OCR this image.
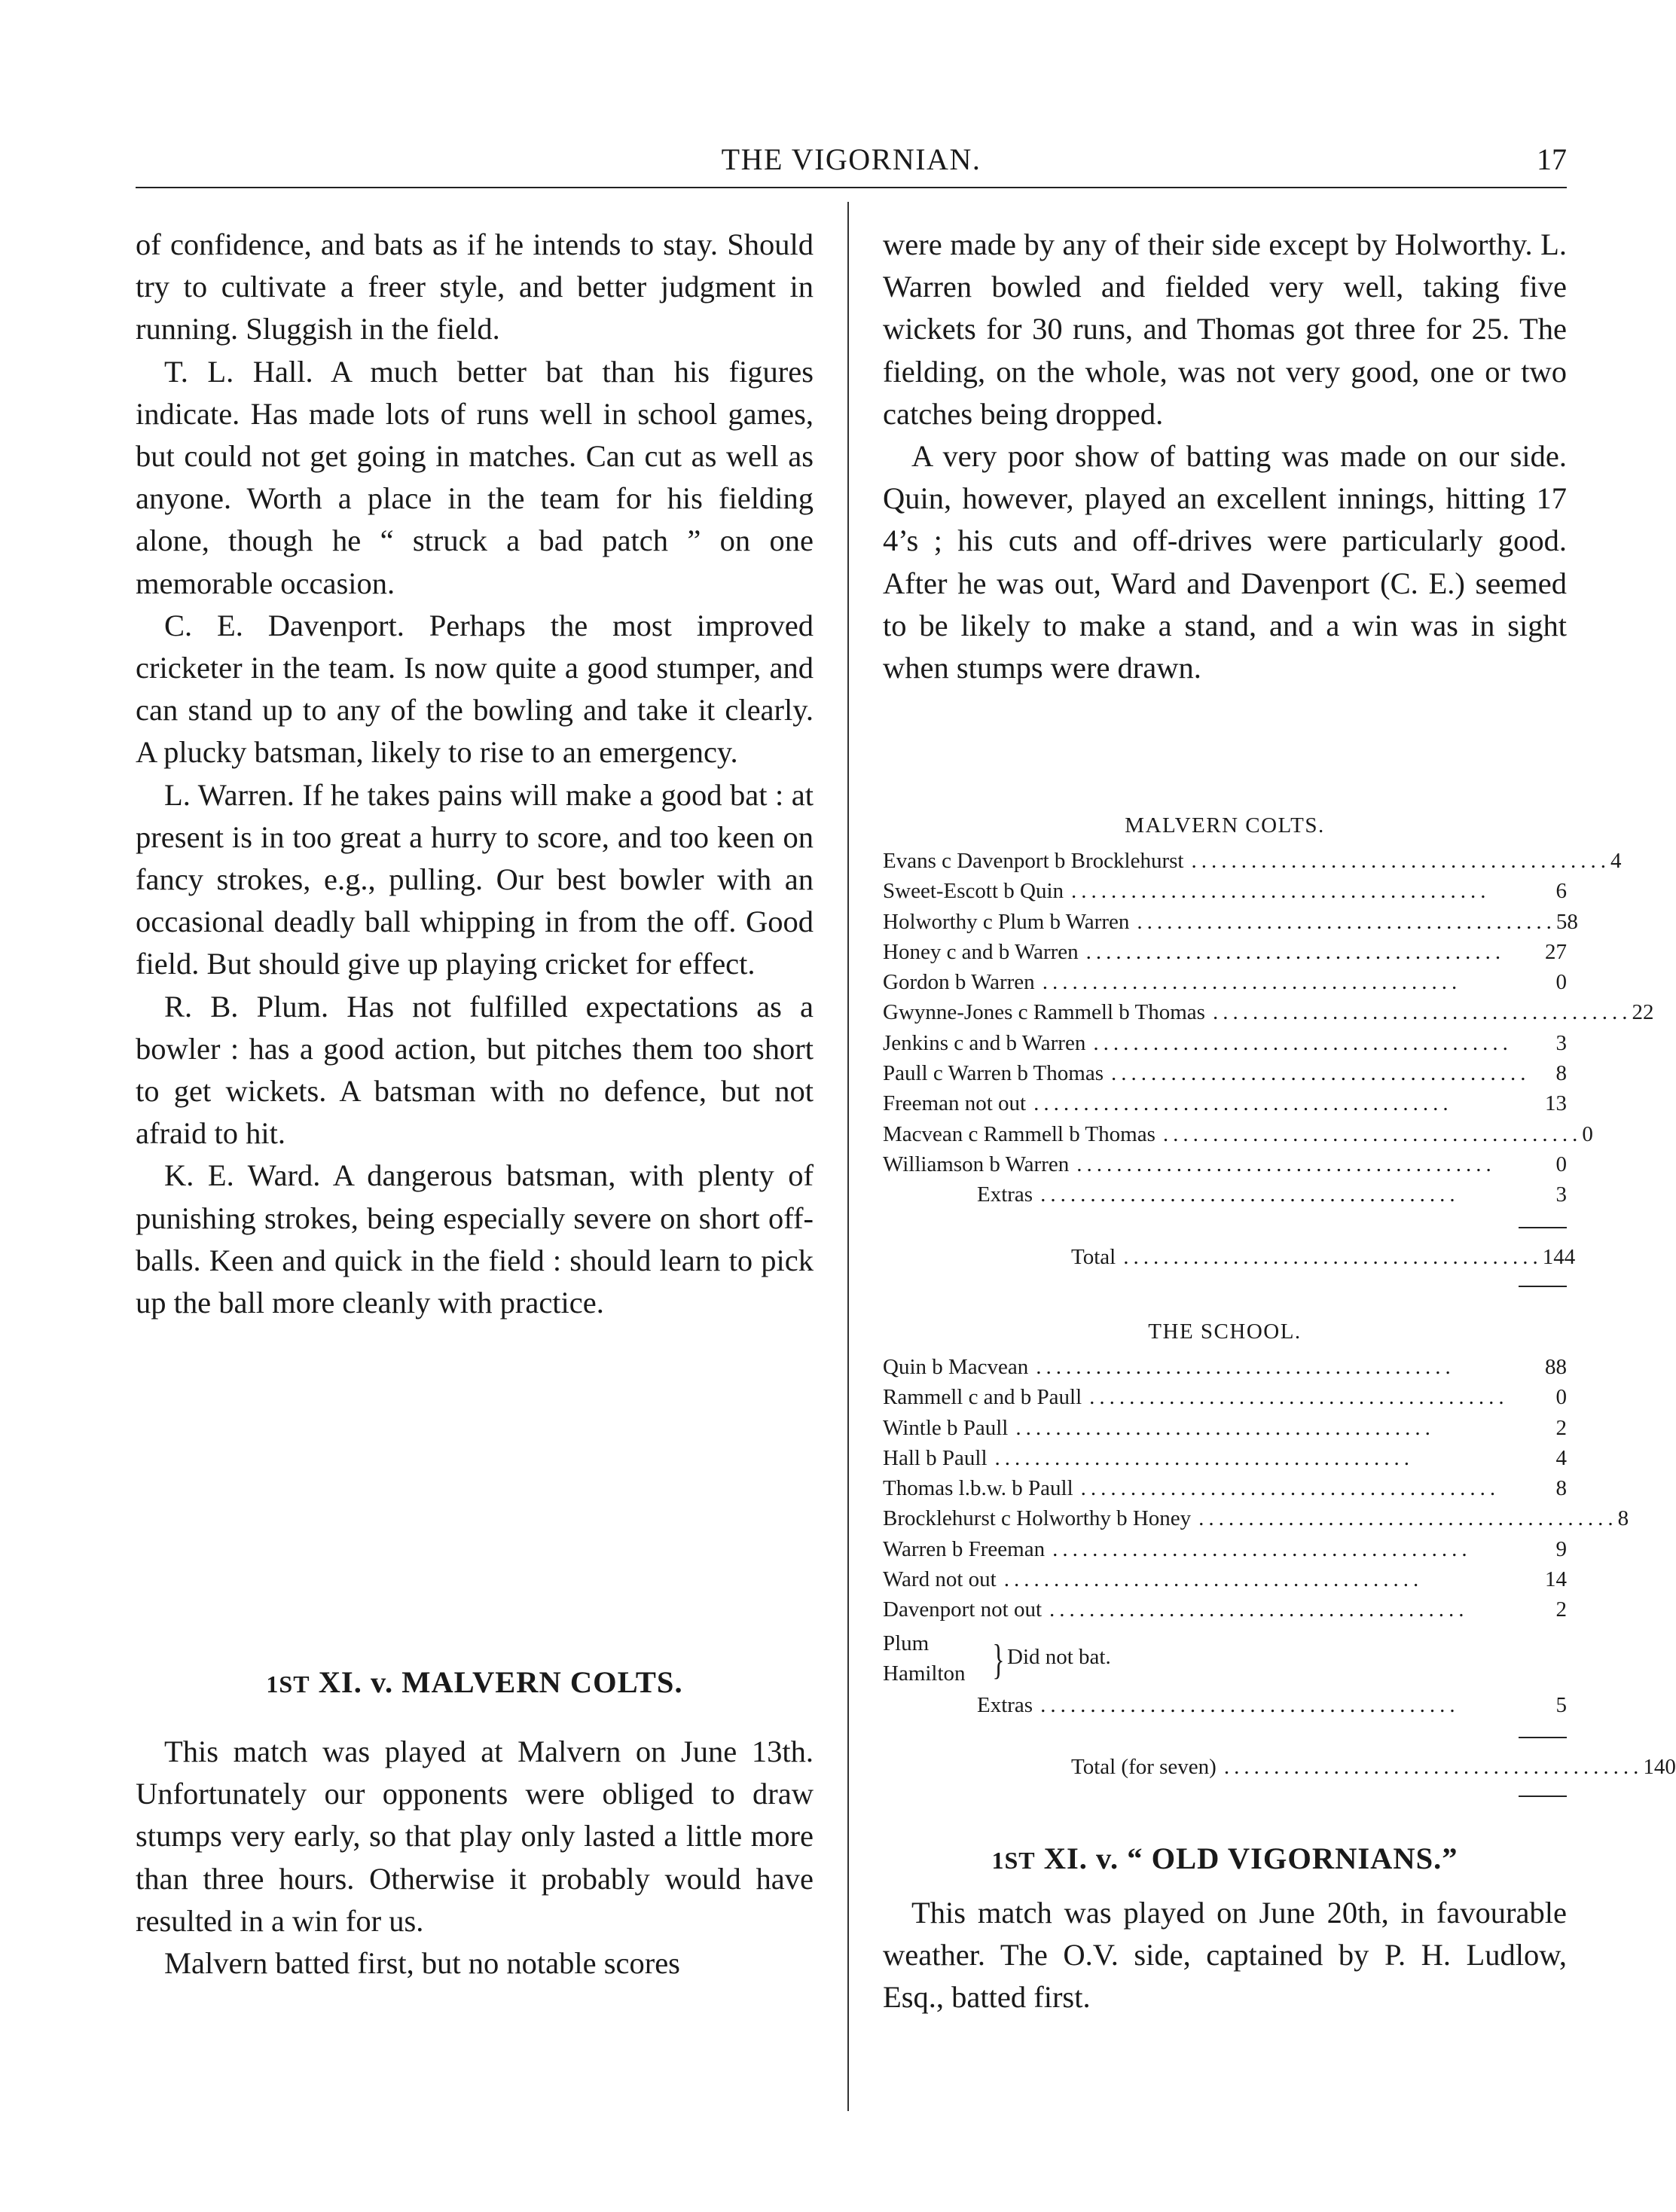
THE VIGORNIAN.	17

of confidence, and bats as if he intends to stay. Should try to cultivate a freer style, and better judgment in running. Sluggish in the field.

T. L. Hall. A much better bat than his figures indicate. Has made lots of runs well in school games, but could not get going in matches. Can cut as well as anyone. Worth a place in the team for his fielding alone, though he “ struck a bad patch ” on one memorable occasion.

C. E. Davenport. Perhaps the most improved cricketer in the team. Is now quite a good stumper, and can stand up to any of the bowling and take it clearly. A plucky batsman, likely to rise to an emergency.

L. Warren. If he takes pains will make a good bat : at present is in too great a hurry to score, and too keen on fancy strokes, e.g., pulling. Our best bowler with an occasional deadly ball whipping in from the off. Good field. But should give up playing cricket for effect.

R. B. Plum. Has not fulfilled expectations as a bowler : has a good action, but pitches them too short to get wickets. A batsman with no defence, but not afraid to hit.

K. E. Ward. A dangerous batsman, with plenty of punishing strokes, being especially severe on short off-balls. Keen and quick in the field : should learn to pick up the ball more cleanly with practice.

1ST XI. v. MALVERN COLTS.

This match was played at Malvern on June 13th. Unfortunately our opponents were obliged to draw stumps very early, so that play only lasted a little more than three hours. Otherwise it probably would have resulted in a win for us.

Malvern batted first, but no notable scores

were made by any of their side except by Holworthy. L. Warren bowled and fielded very well, taking five wickets for 30 runs, and Thomas got three for 25. The fielding, on the whole, was not very good, one or two catches being dropped.

A very poor show of batting was made on our side. Quin, however, played an excellent innings, hitting 17 4’s ; his cuts and off-drives were particularly good. After he was out, Ward and Davenport (C. E.) seemed to be likely to make a stand, and a win was in sight when stumps were drawn.

MALVERN COLTS.
Evans c Davenport b Brocklehurst .......................................... 4
Sweet-Escott b Quin ..........................................	6
Holworthy c Plum b Warren .......................................... 58
Honey c and b Warren ..........................................	27
Gordon b Warren ..........................................	0
Gwynne-Jones c Rammell b Thomas .......................................... 22
Jenkins c and b Warren ..........................................	3
Paull c Warren b Thomas ..........................................	8
Freeman not out ..........................................	13
Macvean c Rammell b Thomas .......................................... 0
Williamson b Warren ..........................................	0
Extras ..........................................	3
Total .......................................... 144
THE SCHOOL.
Quin b Macvean ..........................................	88
Rammell c and b Paull ..........................................	0
Wintle b Paull ..........................................	2
Hall b Paull ..........................................	4
Thomas l.b.w. b Paull ..........................................	8
Brocklehurst c Holworthy b Honey .......................................... 8
Warren b Freeman ..........................................	9
Ward not out ..........................................	14
Davenport not out ..........................................	2
Plum
Hamilton } Did not bat.
Extras ..........................................	5
Total (for seven) .......................................... 140
1ST XI. v. “ OLD VIGORNIANS.”

This match was played on June 20th, in favourable weather. The O.V. side, captained by P. H. Ludlow, Esq., batted first.
